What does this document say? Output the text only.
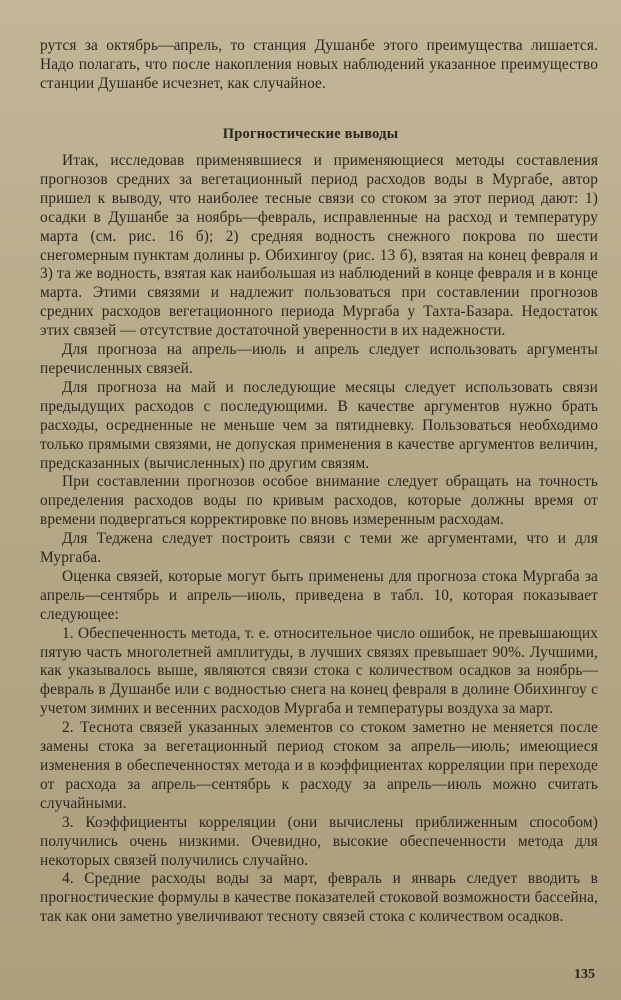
рутся за октябрь—апрель, то станция Душанбе этого преимущества лишается. Надо полагать, что после накопления новых наблюдений указанное преимущество станции Душанбе исчезнет, как случайное.

Прогностические выводы

Итак, исследовав применявшиеся и применяющиеся методы составления прогнозов средних за вегетационный период расходов воды в Мургабе, автор пришел к выводу, что наиболее тесные связи со стоком за этот период дают: 1) осадки в Душанбе за ноябрь—февраль, исправленные на расход и температуру марта (см. рис. 16 б); 2) средняя водность снежного покрова по шести снегомерным пунктам долины р. Обихингоу (рис. 13 б), взятая на конец февраля и 3) та же водность, взятая как наибольшая из наблюдений в конце февраля и в конце марта. Этими связями и надлежит пользоваться при составлении прогнозов средних расходов вегетационного периода Мургаба у Тахта-Базара. Недостаток этих связей — отсутствие достаточной уверенности в их надежности.

Для прогноза на апрель—июль и апрель следует использовать аргументы перечисленных связей.

Для прогноза на май и последующие месяцы следует использовать связи предыдущих расходов с последующими. В качестве аргументов нужно брать расходы, осредненные не меньше чем за пятидневку. Пользоваться необходимо только прямыми связями, не допуская применения в качестве аргументов величин, предсказанных (вычисленных) по другим связям.

При составлении прогнозов особое внимание следует обращать на точность определения расходов воды по кривым расходов, которые должны время от времени подвергаться корректировке по вновь измеренным расходам.

Для Теджена следует построить связи с теми же аргументами, что и для Мургаба.

Оценка связей, которые могут быть применены для прогноза стока Мургаба за апрель—сентябрь и апрель—июль, приведена в табл. 10, которая показывает следующее:

1. Обеспеченность метода, т. е. относительное число ошибок, не превышающих пятую часть многолетней амплитуды, в лучших связях превышает 90%. Лучшими, как указывалось выше, являются связи стока с количеством осадков за ноябрь—февраль в Душанбе или с водностью снега на конец февраля в долине Обихингоу с учетом зимних и весенних расходов Мургаба и температуры воздуха за март.

2. Теснота связей указанных элементов со стоком заметно не меняется после замены стока за вегетационный период стоком за апрель—июль; имеющиеся изменения в обеспеченностях метода и в коэффициентах корреляции при переходе от расхода за апрель—сентябрь к расходу за апрель—июль можно считать случайными.

3. Коэффициенты корреляции (они вычислены приближенным способом) получились очень низкими. Очевидно, высокие обеспеченности метода для некоторых связей получились случайно.

4. Средние расходы воды за март, февраль и январь следует вводить в прогностические формулы в качестве показателей стоковой возможности бассейна, так как они заметно увеличивают тесноту связей стока с количеством осадков.

135
